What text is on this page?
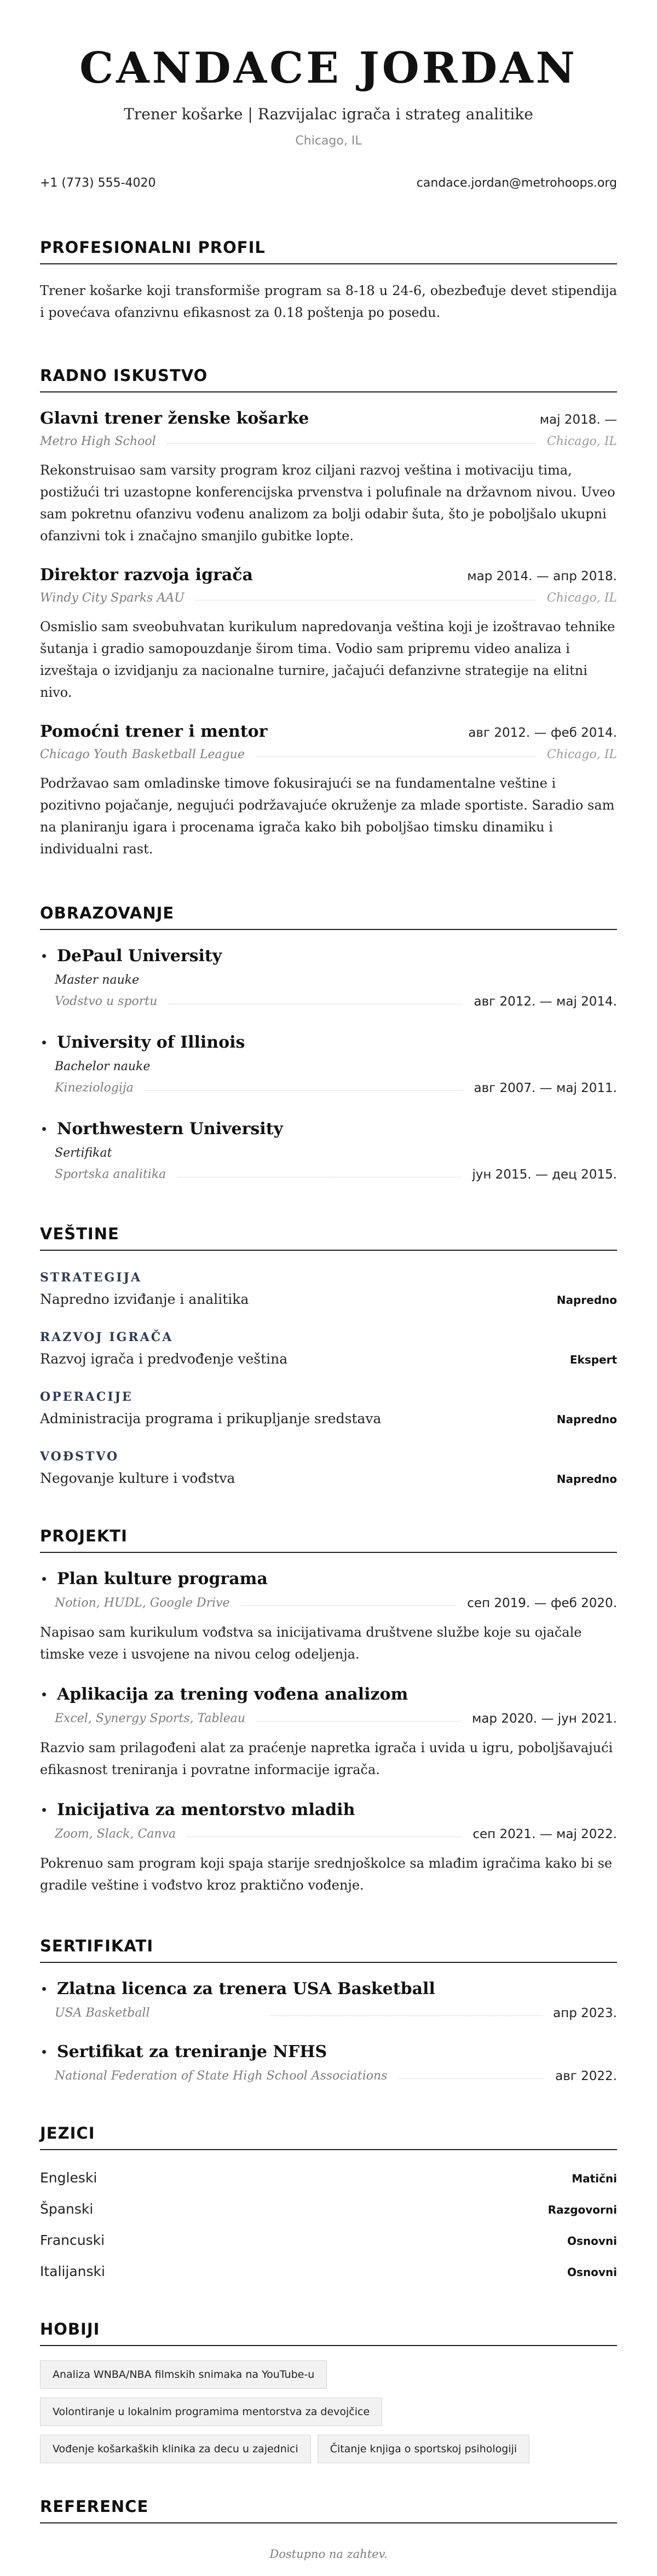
CANDACE JORDAN
Trener košarke | Razvijalac igrača i strateg analitike
Chicago, IL
+1 (773) 555-4020	candace.jordan@metrohoops.org
PROFESIONALNI PROFIL
Trener košarke koji transformiše program sa 8-18 u 24-6, obezbeđuje devet stipendija i povećava ofanzivnu efikasnost za 0.18 poštenja po posedu.
RADNO ISKUSTVO
Glavni trener ženske košarke	мај 2018. —
Metro High School	Chicago, IL
Rekonstruisao sam varsity program kroz ciljani razvoj veština i motivaciju tima, postižući tri uzastopne konferencijska prvenstva i polufinale na državnom nivou. Uveo sam pokretnu ofanzivu vođenu analizom za bolji odabir šuta, što je poboljšalo ukupni ofanzivni tok i značajno smanjilo gubitke lopte.
Direktor razvoja igrača	мар 2014. — апр 2018.
Windy City Sparks AAU	Chicago, IL
Osmislio sam sveobuhvatan kurikulum napredovanja veština koji je izoštravao tehnike šutanja i gradio samopouzdanje širom tima. Vodio sam pripremu video analiza i izveštaja o izvidjanju za nacionalne turnire, jačajući defanzivne strategije na elitni nivo.
Pomoćni trener i mentor	авг 2012. — феб 2014.
Chicago Youth Basketball League	Chicago, IL
Podržavao sam omladinske timove fokusirajući se na fundamentalne veštine i pozitivno pojačanje, negujući podržavajuće okruženje za mlade sportiste. Saradio sam na planiranju igara i procenama igrača kako bih poboljšao timsku dinamiku i individualni rast.
OBRAZOVANJE
DePaul University
Master nauke
Vodstvo u sportu	авг 2012. — мај 2014.
University of Illinois
Bachelor nauke
Kineziologija	авг 2007. — мај 2011.
Northwestern University
Sertifikat
Sportska analitika	јун 2015. — дец 2015.
VEŠTINE
STRATEGIJA
Napredno izviđanje i analitika	Napredno
RAZVOJ IGRAČA
Razvoj igrača i predvođenje veština	Ekspert
OPERACIJE
Administracija programa i prikupljanje sredstava	Napredno
VOĐSTVO
Negovanje kulture i vođstva	Napredno
PROJEKTI
Plan kulture programa
Notion, HUDL, Google Drive	сеп 2019. — феб 2020.
Napisao sam kurikulum vođstva sa inicijativama društvene službe koje su ojačale timske veze i usvojene na nivou celog odeljenja.
Aplikacija za trening vođena analizom
Excel, Synergy Sports, Tableau	мар 2020. — јун 2021.
Razvio sam prilagođeni alat za praćenje napretka igrača i uvida u igru, poboljšavajući efikasnost treniranja i povratne informacije igrača.
Inicijativa za mentorstvo mladih
Zoom, Slack, Canva	сеп 2021. — мај 2022.
Pokrenuo sam program koji spaja starije srednjoškolce sa mlađim igračima kako bi se gradile veštine i vođstvo kroz praktično vođenje.
SERTIFIKATI
Zlatna licenca za trenera USA Basketball
USA Basketball	апр 2023.
Sertifikat za treniranje NFHS
National Federation of State High School Associations	авг 2022.
JEZICI
Engleski	Matični
Španski	Razgovorni
Francuski	Osnovni
Italijanski	Osnovni
HOBIJI
Analiza WNBA/NBA filmskih snimaka na YouTube-u
Volontiranje u lokalnim programima mentorstva za devojčice
Vođenje košarkaških klinika za decu u zajednici	Čitanje knjiga o sportskoj psihologiji
REFERENCE
Dostupno na zahtev.
